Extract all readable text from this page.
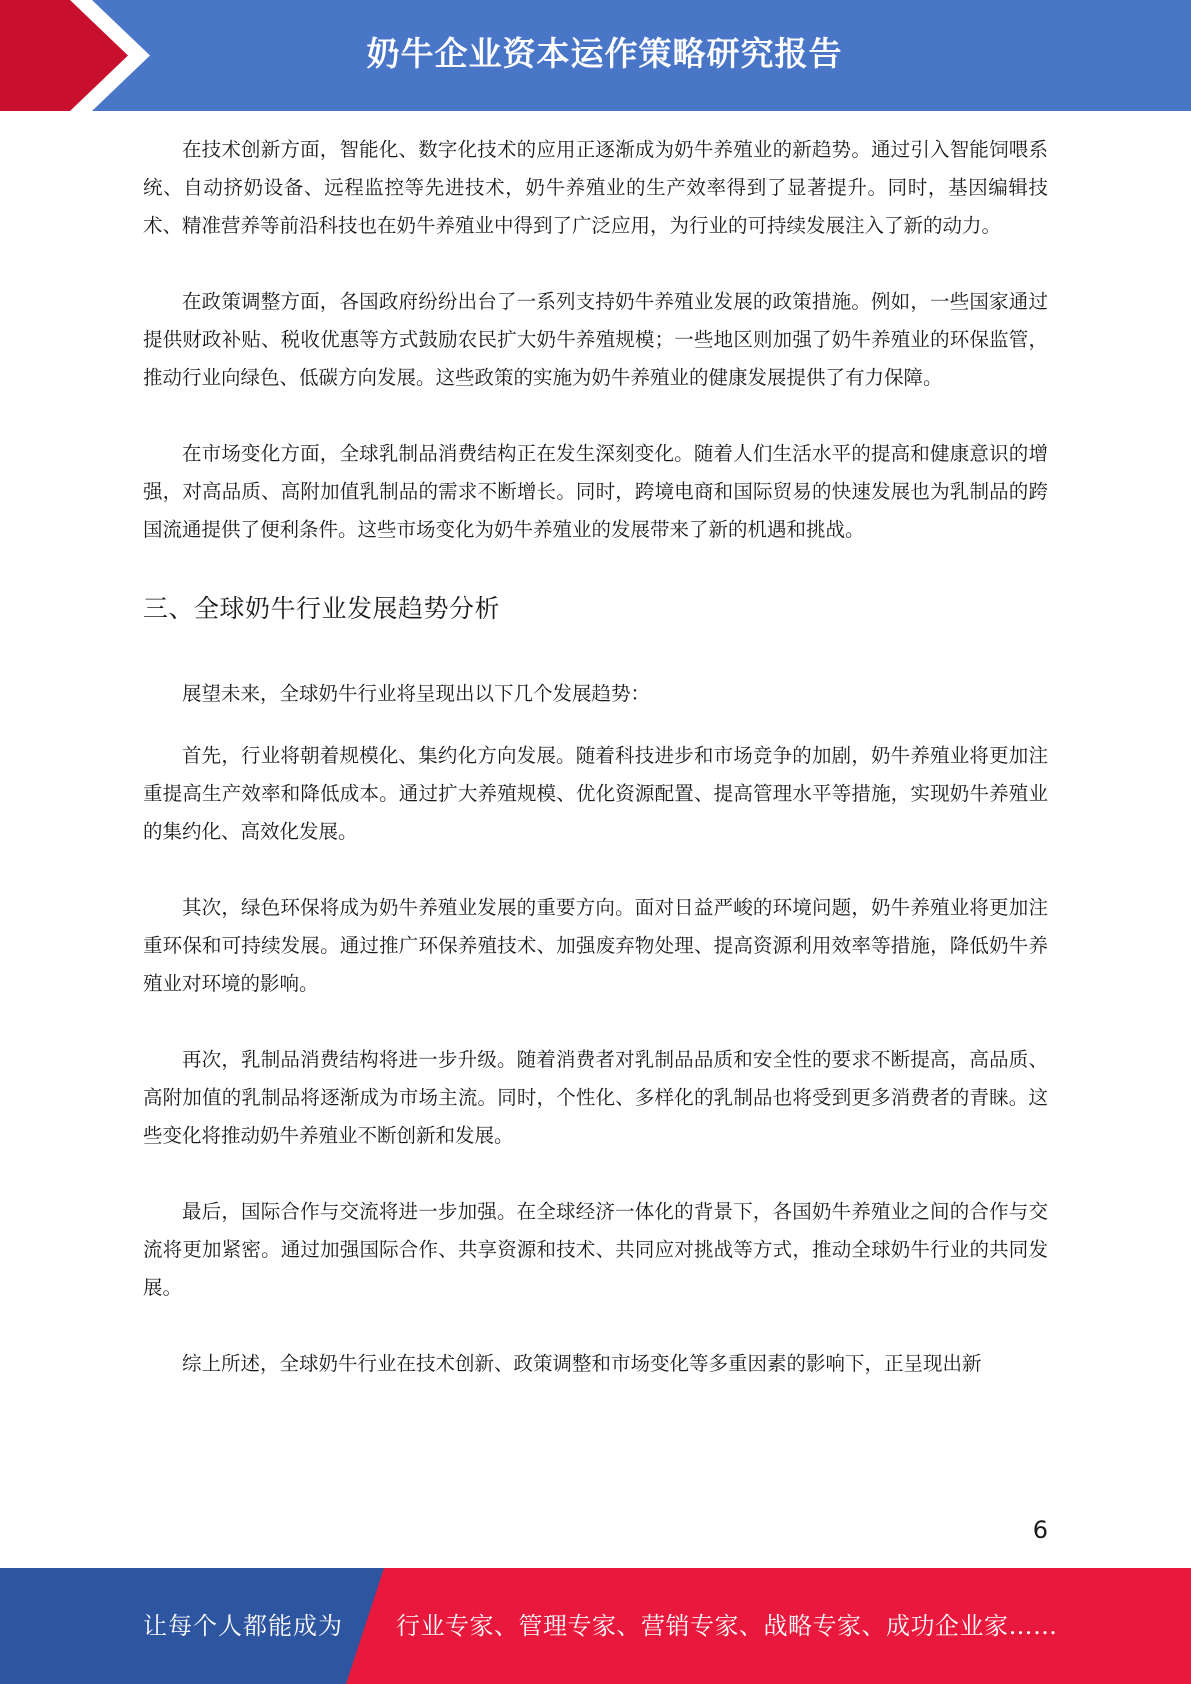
奶牛企业资本运作策略研究报告

在技术创新方面，智能化、数字化技术的应用正逐渐成为奶牛养殖业的新趋势。通过引入智能饲喂系统、自动挤奶设备、远程监控等先进技术，奶牛养殖业的生产效率得到了显著提升。同时，基因编辑技术、精准营养等前沿科技也在奶牛养殖业中得到了广泛应用，为行业的可持续发展注入了新的动力。

在政策调整方面，各国政府纷纷出台了一系列支持奶牛养殖业发展的政策措施。例如，一些国家通过提供财政补贴、税收优惠等方式鼓励农民扩大奶牛养殖规模；一些地区则加强了奶牛养殖业的环保监管，推动行业向绿色、低碳方向发展。这些政策的实施为奶牛养殖业的健康发展提供了有力保障。

在市场变化方面，全球乳制品消费结构正在发生深刻变化。随着人们生活水平的提高和健康意识的增强，对高品质、高附加值乳制品的需求不断增长。同时，跨境电商和国际贸易的快速发展也为乳制品的跨国流通提供了便利条件。这些市场变化为奶牛养殖业的发展带来了新的机遇和挑战。

三、全球奶牛行业发展趋势分析

展望未来，全球奶牛行业将呈现出以下几个发展趋势：

首先，行业将朝着规模化、集约化方向发展。随着科技进步和市场竞争的加剧，奶牛养殖业将更加注重提高生产效率和降低成本。通过扩大养殖规模、优化资源配置、提高管理水平等措施，实现奶牛养殖业的集约化、高效化发展。

其次，绿色环保将成为奶牛养殖业发展的重要方向。面对日益严峻的环境问题，奶牛养殖业将更加注重环保和可持续发展。通过推广环保养殖技术、加强废弃物处理、提高资源利用效率等措施，降低奶牛养殖业对环境的影响。

再次，乳制品消费结构将进一步升级。随着消费者对乳制品品质和安全性的要求不断提高，高品质、高附加值的乳制品将逐渐成为市场主流。同时，个性化、多样化的乳制品也将受到更多消费者的青睐。这些变化将推动奶牛养殖业不断创新和发展。

最后，国际合作与交流将进一步加强。在全球经济一体化的背景下，各国奶牛养殖业之间的合作与交流将更加紧密。通过加强国际合作、共享资源和技术、共同应对挑战等方式，推动全球奶牛行业的共同发展。

综上所述，全球奶牛行业在技术创新、政策调整和市场变化等多重因素的影响下，正呈现出新

6
让每个人都能成为 行业专家、管理专家、营销专家、战略专家、成功企业家……
